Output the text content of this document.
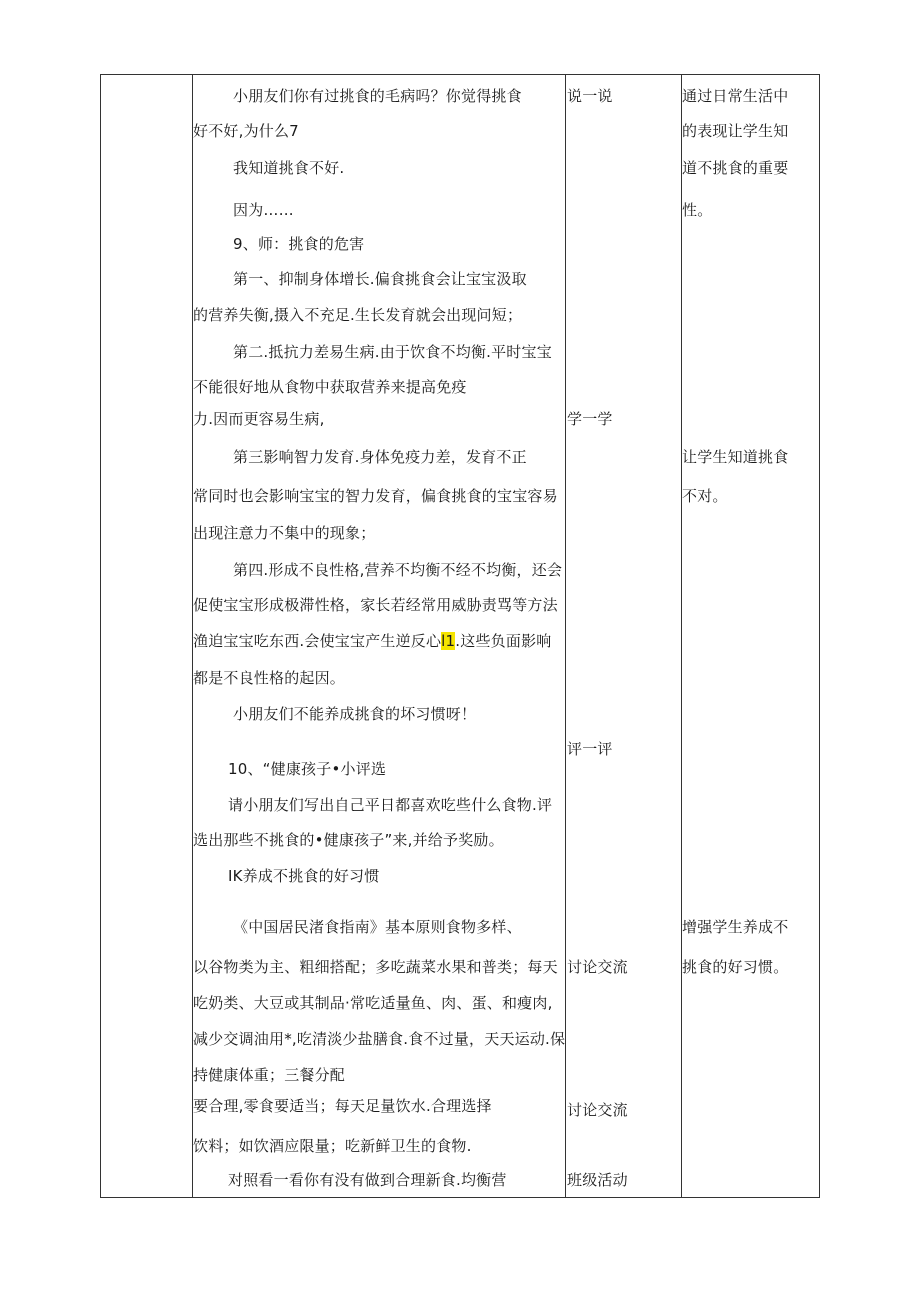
小朋友们你有过挑食的毛病吗？你觉得挑食
好不好,为什么7
我知道挑食不好.
因为……
9、师：挑食的危害
第一、抑制身体增长.偏食挑食会让宝宝汲取
的营养失衡,摄入不充足.生长发育就会出现问短；
第二.抵抗力差易生病.由于饮食不均衡.平时宝宝
不能很好地从食物中获取营养来提高免疫
力.因而更容易生病,
第三影响智力发育.身体免疫力差，发育不正
常同时也会影响宝宝的智力发育，偏食挑食的宝宝容易
出现注意力不集中的现象；
第四.形成不良性格,营养不均衡不经不均衡，还会
促使宝宝形成极滞性格，家长若经常用威胁责骂等方法
渔迫宝宝吃东西.会使宝宝产生逆反心l1.这些负面影响
都是不良性格的起因。
小朋友们不能养成挑食的坏习惯呀！
10、“健康孩子•小评选
请小朋友们写出自己平日都喜欢吃些什么食物.评
选出那些不挑食的•健康孩子”来,并给予奖励。
IK养成不挑食的好习惯
《中国居民渚食指南》基本原则食物多样、
以谷物类为主、粗细搭配；多吃蔬菜水果和普类；每天
吃奶类、大豆或其制品·常吃适量鱼、肉、蛋、和瘦肉,
减少交调油用*,吃清淡少盐膳食.食不过量，天天运动.保
持健康体重；三餐分配
要合理,零食要适当；每天足量饮水.合理选择
饮料；如饮酒应限量；吃新鲜卫生的食物.
对照看一看你有没有做到合理新食.均衡营
说一说
学一学
评一评
讨论交流
讨论交流
班级活动
通过日常生活中
的表现让学生知
道不挑食的重要
性。
让学生知道挑食
不对。
增强学生养成不
挑食的好习惯。
